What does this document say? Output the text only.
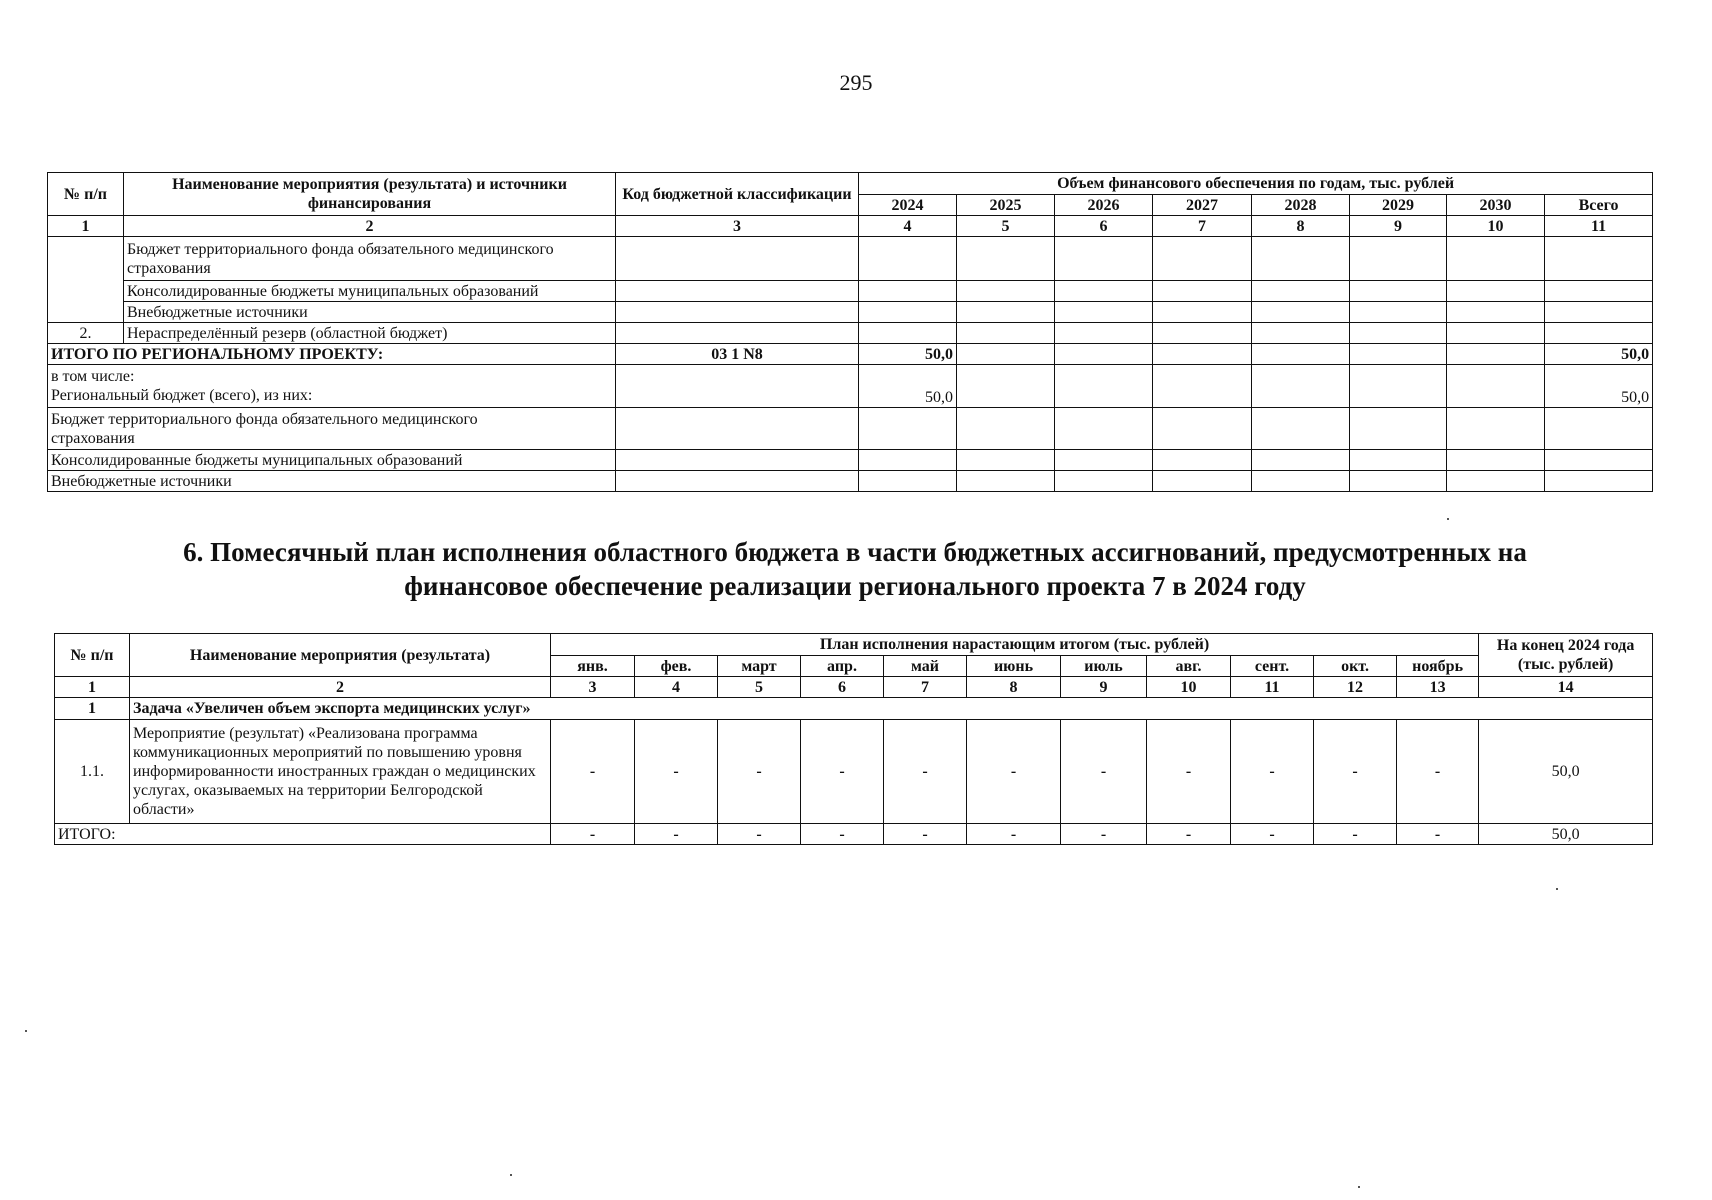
295
№ п/п	Наименование мероприятия (результата) и источники финансирования	Код бюджетной классификации	Объем финансового обеспечения по годам, тыс. рублей							
			2024	2025	2026	2027	2028	2029	2030	Всего
1	2	3	4	5	6	7	8	9	10	11
	Бюджет территориального фонда обязательного медицинского страхования									
	Консолидированные бюджеты муниципальных образований									
	Внебюджетные источники									
2.	Нераспределённый резерв (областной бюджет)									
ИТОГО ПО РЕГИОНАЛЬНОМУ ПРОЕКТУ:		03 1 N8	50,0							50,0
в том числе:
Региональный бюджет (всего), из них:			50,0							50,0
Бюджет территориального фонда обязательного медицинского
страхования										
Консолидированные бюджеты муниципальных образований										
Внебюджетные источники										
6. Помесячный план исполнения областного бюджета в части бюджетных ассигнований, предусмотренных на
финансовое обеспечение реализации регионального проекта 7 в 2024 году
№ п/п	Наименование мероприятия (результата)	План исполнения нарастающим итогом (тыс. рублей)											На конец 2024 года
(тыс. рублей)
		янв.	фев.	март	апр.	май	июнь	июль	авг.	сент.	окт.	ноябрь	
1	2	3	4	5	6	7	8	9	10	11	12	13	14
1	Задача «Увеличен объем экспорта медицинских услуг»												
1.1.	Мероприятие (результат) «Реализована программа коммуникационных мероприятий по повышению уровня информированности иностранных граждан о медицинских услугах, оказываемых на территории Белгородской области»	-	-	-	-	-	-	-	-	-	-	-	50,0
ИТОГО:		-	-	-	-	-	-	-	-	-	-	-	50,0
